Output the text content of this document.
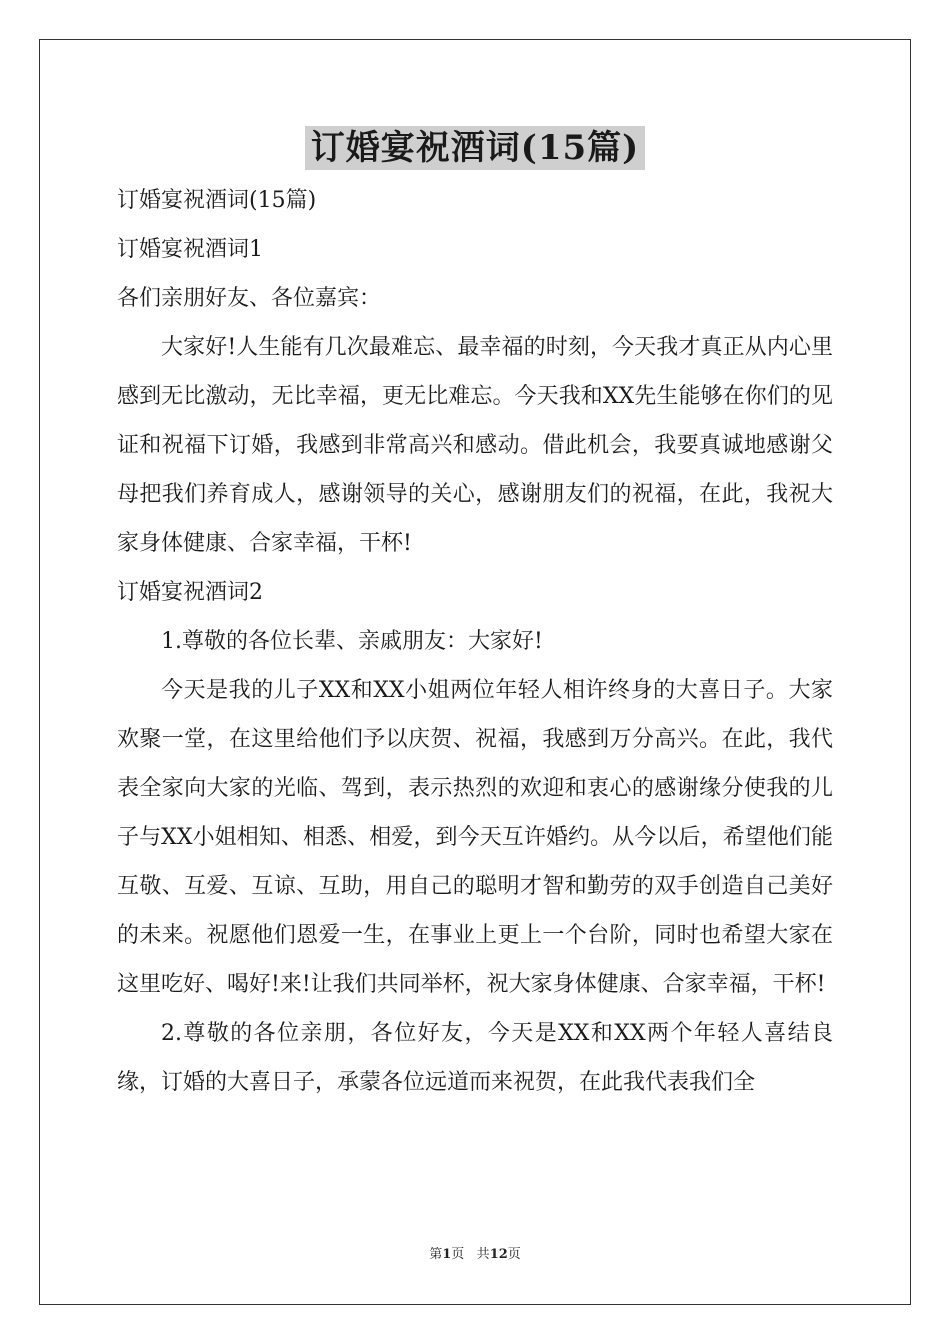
订婚宴祝酒词(15篇)
订婚宴祝酒词(15篇)
订婚宴祝酒词1
各们亲朋好友、各位嘉宾：
大家好!人生能有几次最难忘、最幸福的时刻，今天我才真正从内心里感到无比激动，无比幸福，更无比难忘。今天我和XX先生能够在你们的见证和祝福下订婚，我感到非常高兴和感动。借此机会，我要真诚地感谢父母把我们养育成人，感谢领导的关心，感谢朋友们的祝福，在此，我祝大家身体健康、合家幸福，干杯!
订婚宴祝酒词2
1.尊敬的各位长辈、亲戚朋友：大家好!
今天是我的儿子XX和XX小姐两位年轻人相许终身的大喜日子。大家欢聚一堂，在这里给他们予以庆贺、祝福，我感到万分高兴。在此，我代表全家向大家的光临、驾到，表示热烈的欢迎和衷心的感谢缘分使我的儿子与XX小姐相知、相悉、相爱，到今天互许婚约。从今以后，希望他们能互敬、互爱、互谅、互助，用自己的聪明才智和勤劳的双手创造自己美好的未来。祝愿他们恩爱一生，在事业上更上一个台阶，同时也希望大家在这里吃好、喝好!来!让我们共同举杯，祝大家身体健康、合家幸福，干杯!
2.尊敬的各位亲朋，各位好友，今天是XX和XX两个年轻人喜结良缘，订婚的大喜日子，承蒙各位远道而来祝贺，在此我代表我们全
第1页 共12页
